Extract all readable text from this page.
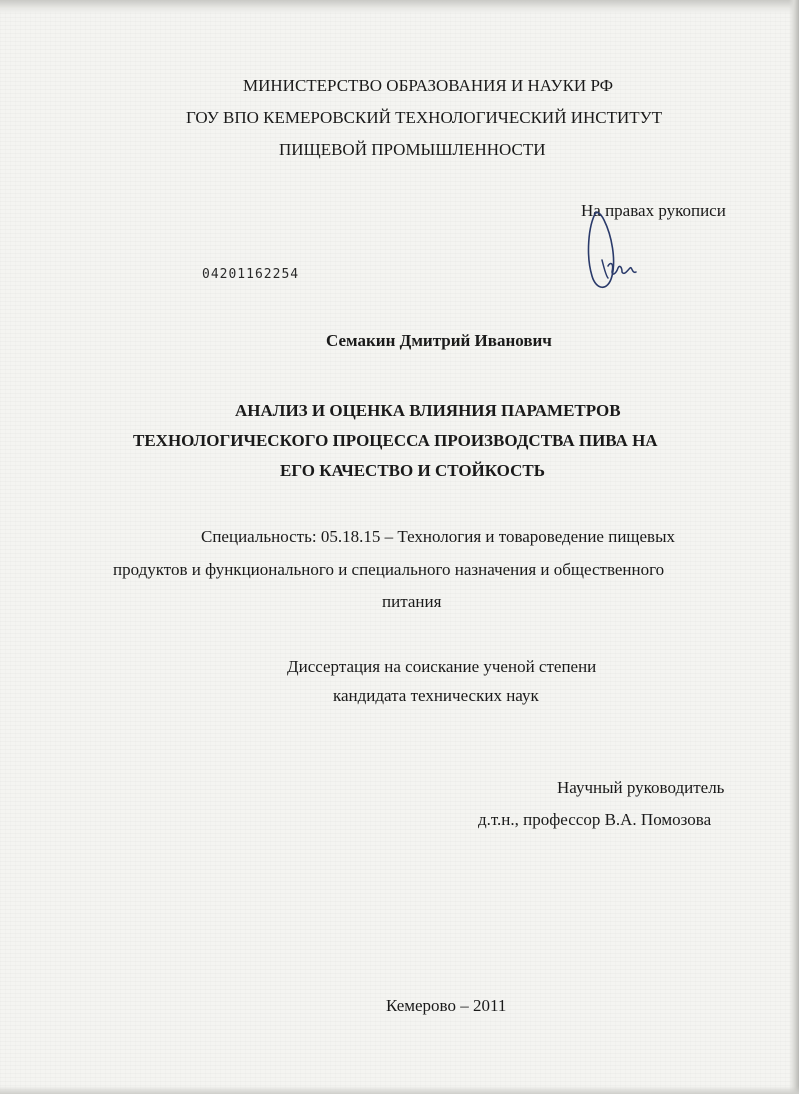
МИНИСТЕРСТВО ОБРАЗОВАНИЯ И НАУКИ РФ
ГОУ ВПО КЕМЕРОВСКИЙ ТЕХНОЛОГИЧЕСКИЙ ИНСТИТУТ
ПИЩЕВОЙ ПРОМЫШЛЕННОСТИ
На правах рукописи
04201162254
Семакин Дмитрий Иванович
АНАЛИЗ И ОЦЕНКА ВЛИЯНИЯ ПАРАМЕТРОВ
ТЕХНОЛОГИЧЕСКОГО ПРОЦЕССА ПРОИЗВОДСТВА ПИВА НА
ЕГО КАЧЕСТВО И СТОЙКОСТЬ
Специальность: 05.18.15 – Технология и товароведение пищевых
продуктов и функционального и специального назначения и общественного
питания
Диссертация на соискание ученой степени
кандидата технических наук
Научный руководитель
д.т.н., профессор В.А. Помозова
Кемерово – 2011
